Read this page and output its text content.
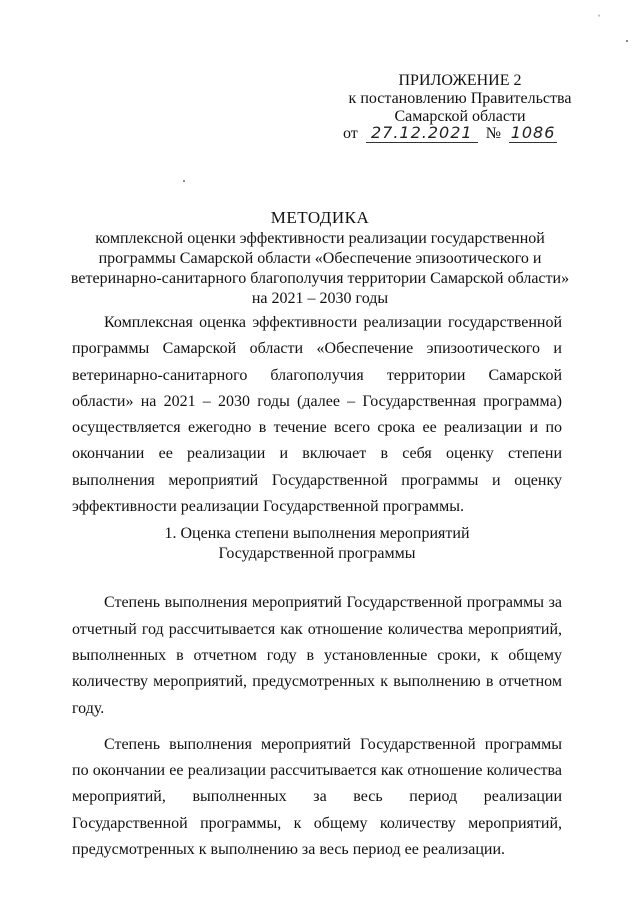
ˈ
ПРИЛОЖЕНИЕ 2
к постановлению Правительства
Самарской области
от 27.12.2021 № 1086
МЕТОДИКА
комплексной оценки эффективности реализации государственной
программы Самарской области «Обеспечение эпизоотического и
ветеринарно-санитарного благополучия территории Самарской области»
на 2021 – 2030 годы

Комплексная оценка эффективности реализации государственной программы Самарской области «Обеспечение эпизоотического и ветеринарно-санитарного благополучия территории Самарской области» на 2021 – 2030 годы (далее – Государственная программа) осуществляется ежегодно в течение всего срока ее реализации и по окончании ее реализации и включает в себя оценку степени выполнения мероприятий Государственной программы и оценку эффективности реализации Государственной программы.

1. Оценка степени выполнения мероприятий
Государственной программы

Степень выполнения мероприятий Государственной программы за отчетный год рассчитывается как отношение количества мероприятий, выполненных в отчетном году в установленные сроки, к общему количеству мероприятий, предусмотренных к выполнению в отчетном году.

Степень выполнения мероприятий Государственной программы по окончании ее реализации рассчитывается как отношение количества мероприятий, выполненных за весь период реализации Государственной программы, к общему количеству мероприятий, предусмотренных к выполнению за весь период ее реализации.
